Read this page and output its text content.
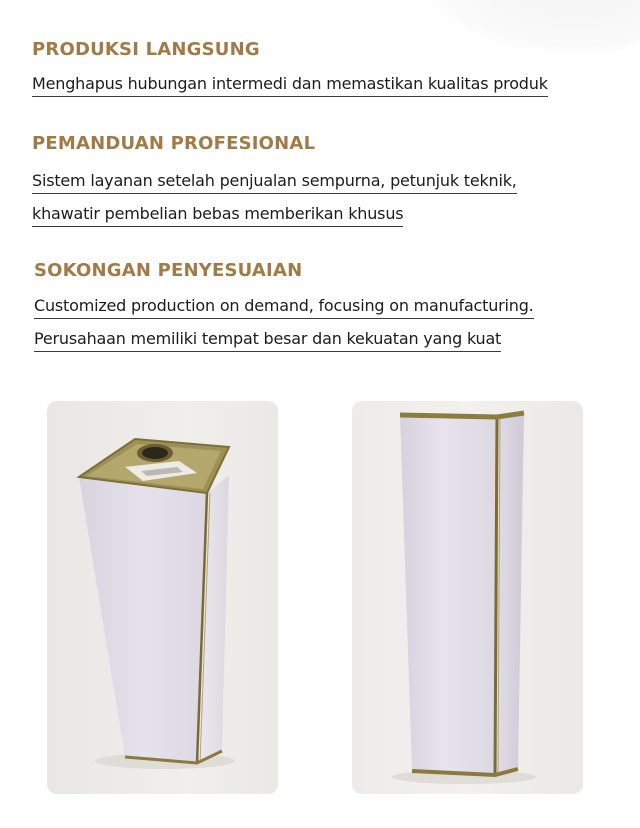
PRODUKSI LANGSUNG
Menghapus hubungan intermedi dan memastikan kualitas produk
PEMANDUAN PROFESIONAL
Sistem layanan setelah penjualan sempurna, petunjuk teknik,
khawatir pembelian bebas memberikan khusus
SOKONGAN PENYESUAIAN
Customized production on demand, focusing on manufacturing.
Perusahaan memiliki tempat besar dan kekuatan yang kuat
